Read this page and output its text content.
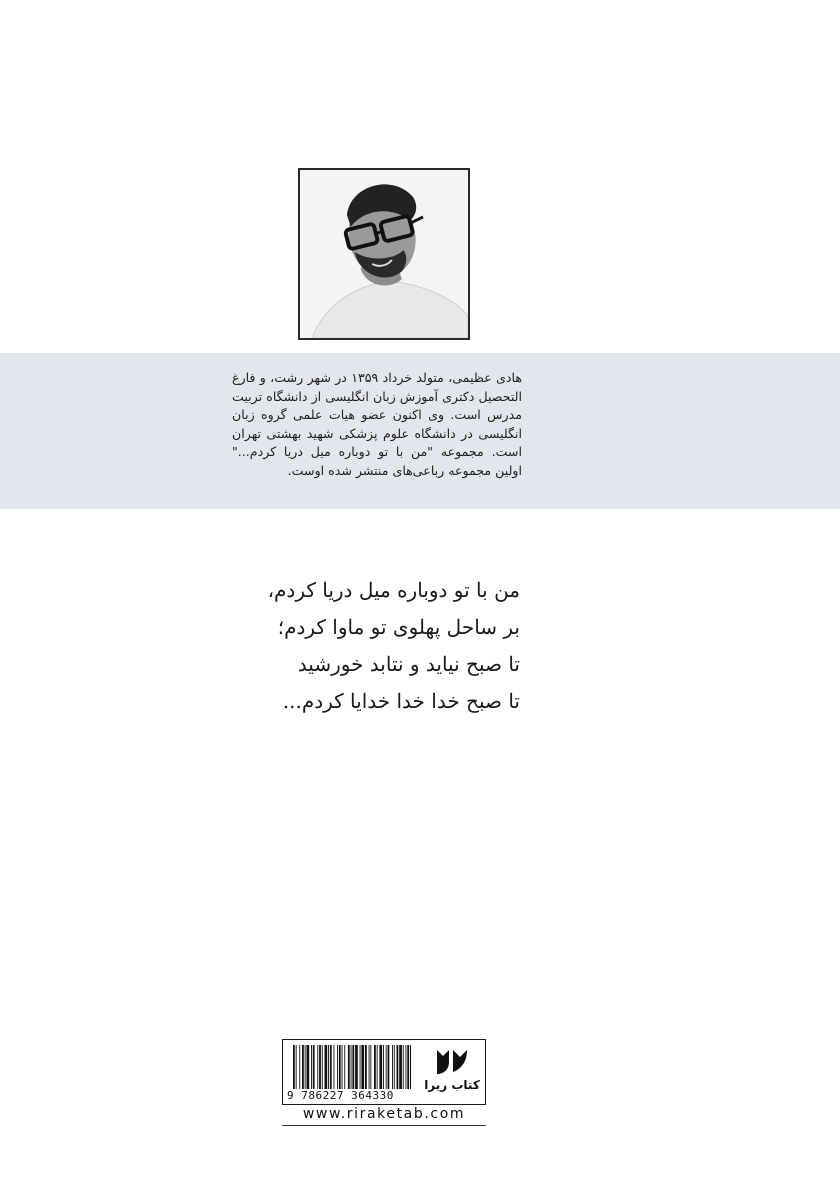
هادی عظیمی، متولد خرداد ۱۳۵۹ در شهر رشت، و فارغ التحصیل دکتری آموزش زبان انگلیسی از دانشگاه تربیت مدرس است. وی اکنون عضو هیات علمی گروه زبان انگلیسی در دانشگاه علوم پزشکی شهید بهشتی تهران است. مجموعه "من با تو دوباره میل دریا کردم..." اولین مجموعه رباعی‌های منتشر شده اوست.
من با تو دوباره میل دریا کردم،
بر ساحل پهلوی تو ماوا کردم؛
تا صبح نیاید و نتابد خورشید
تا صبح خدا خدا خدایا کردم...
9 786227 364330
کتاب ریرا
www.riraketab.com
